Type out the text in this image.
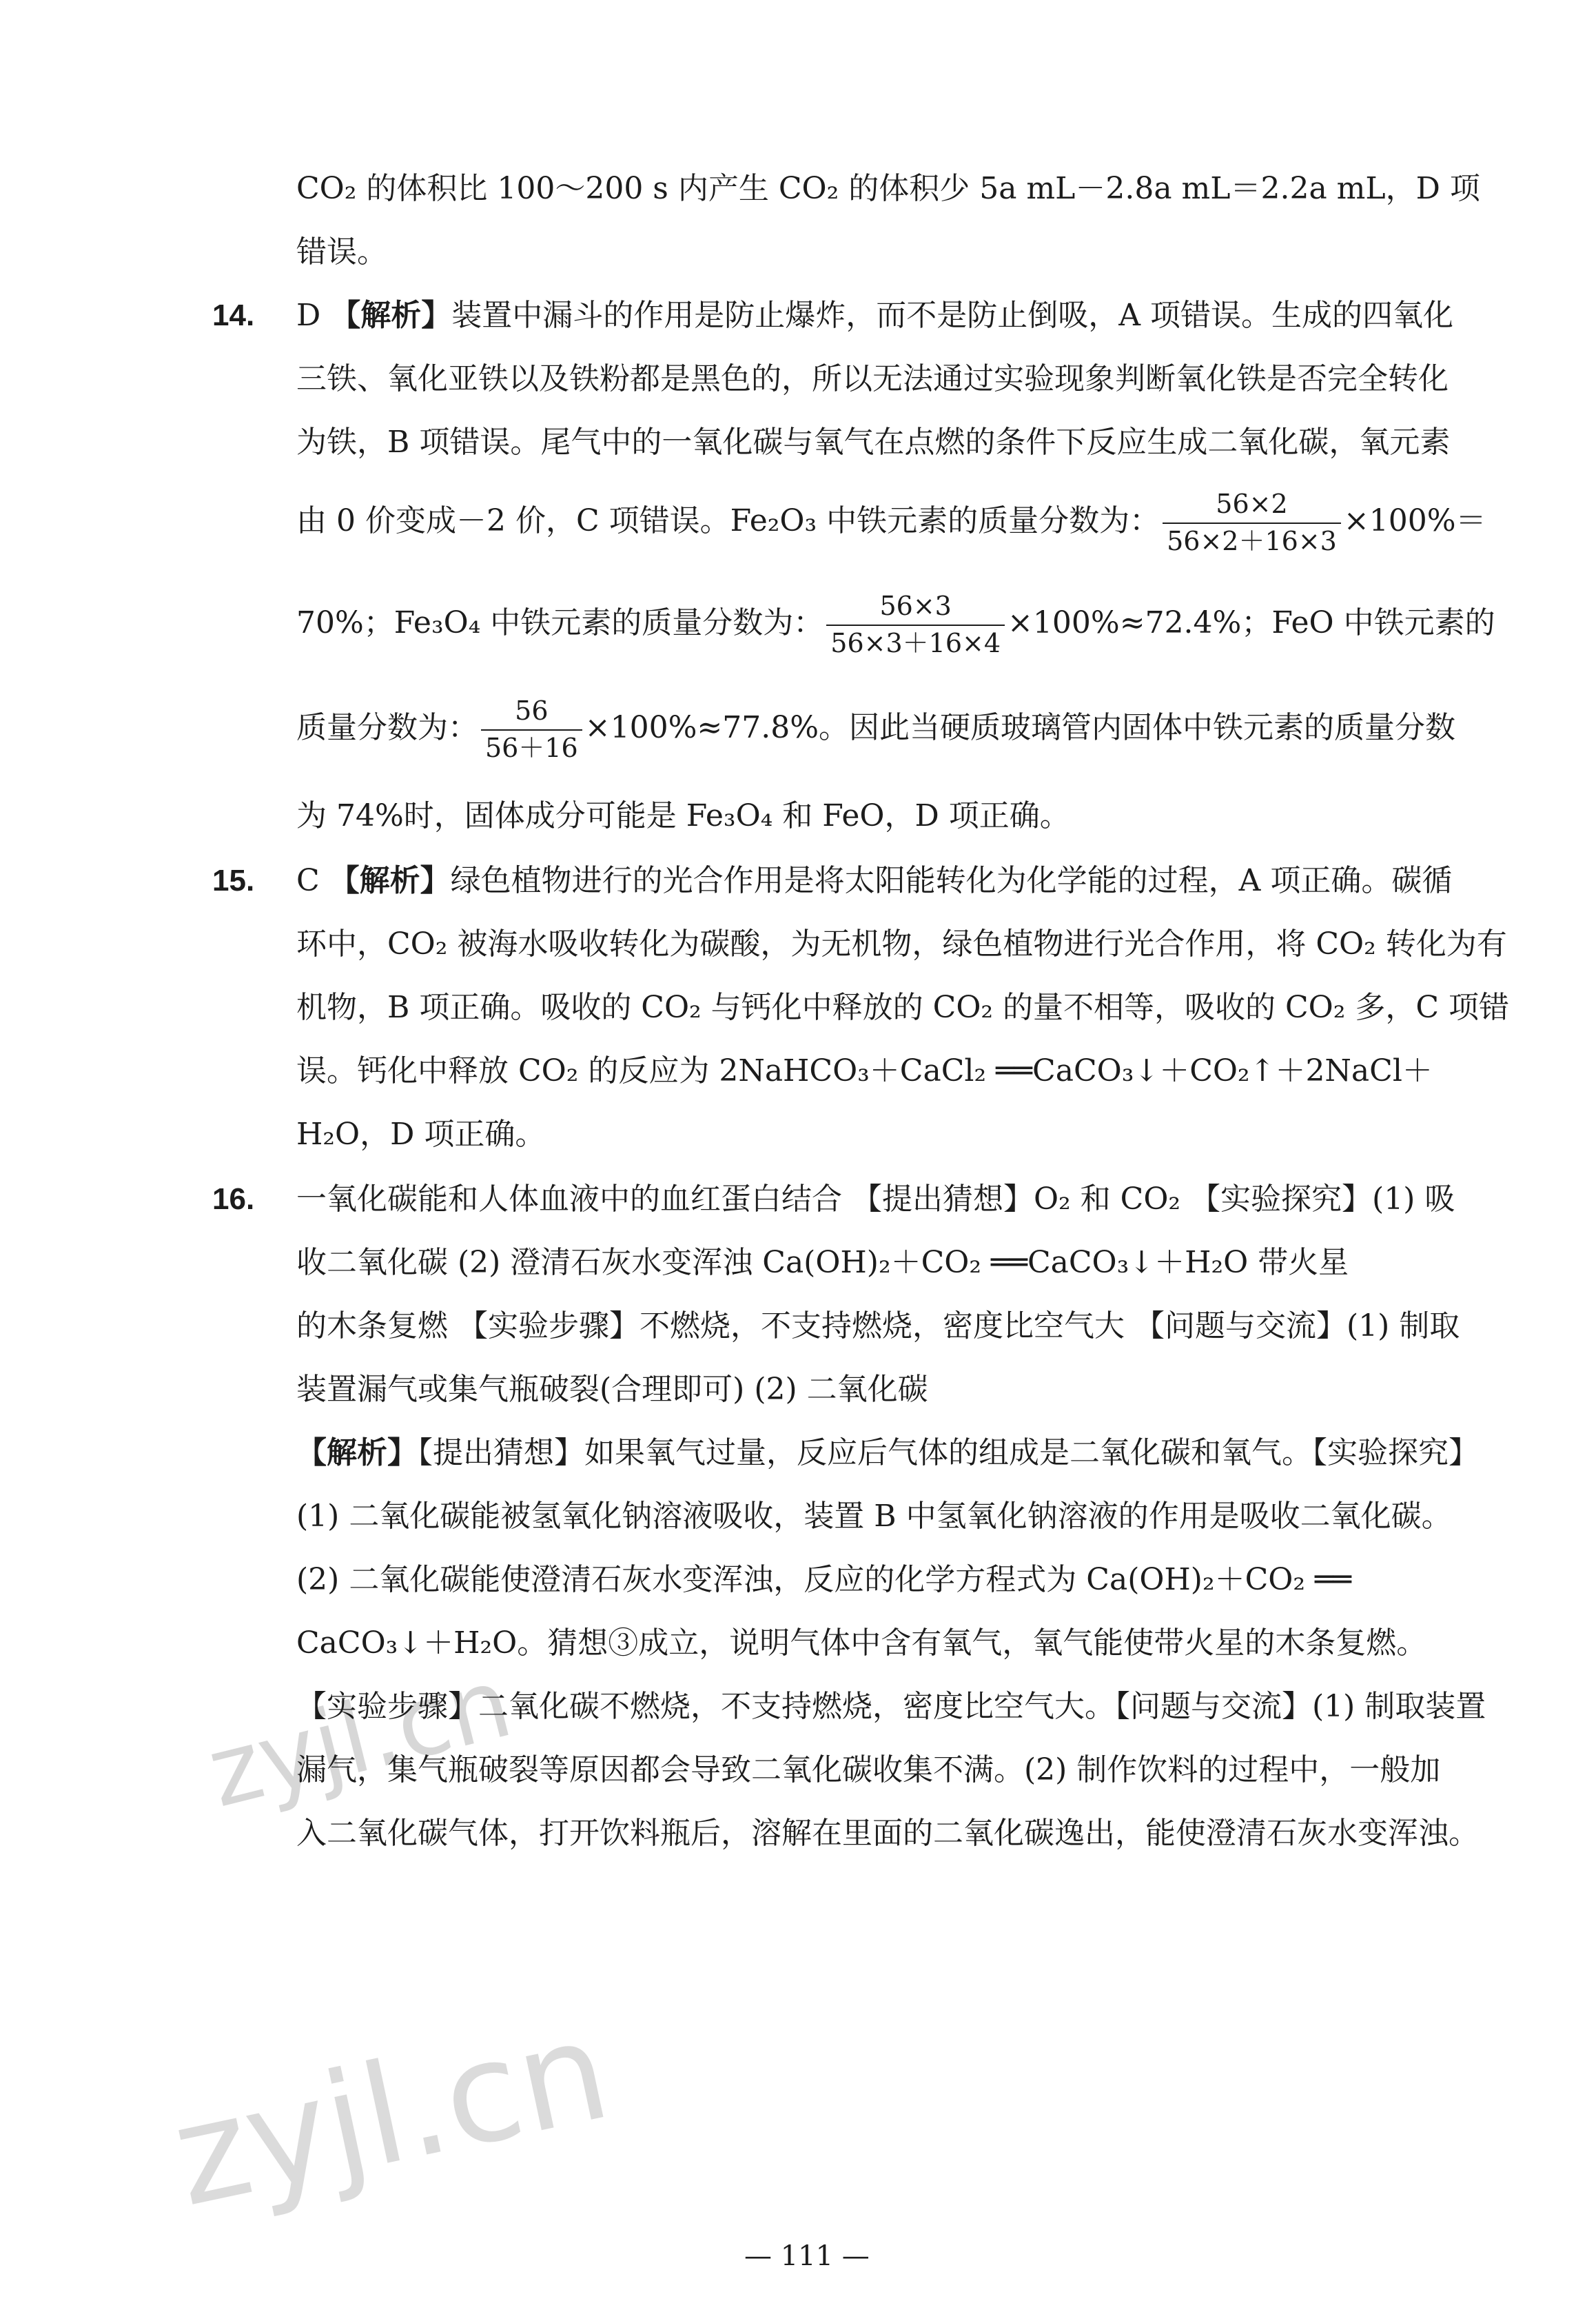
zyjl.cn
zyjl.cn
CO₂ 的体积比 100～200 s 内产生 CO₂ 的体积少 5a mL－2.8a mL＝2.2a mL，D 项
错误。
14. D 【解析】装置中漏斗的作用是防止爆炸，而不是防止倒吸，A 项错误。生成的四氧化
三铁、氧化亚铁以及铁粉都是黑色的，所以无法通过实验现象判断氧化铁是否完全转化
为铁，B 项错误。尾气中的一氧化碳与氧气在点燃的条件下反应生成二氧化碳，氧元素
由 0 价变成－2 价，C 项错误。Fe₂O₃ 中铁元素的质量分数为： $\frac{56\times 2}{56\times 2+16\times 3} \times 100\%=$
70%；Fe₃O₄ 中铁元素的质量分数为： $\frac{56\times 3}{56\times 3+16\times 4} \times 100\%\approx 72.4\%$；FeO 中铁元素的
质量分数为： $\frac{56}{56+16} \times 100\%\approx 77.8\%$。因此当硬质玻璃管内固体中铁元素的质量分数
为 74%时，固体成分可能是 Fe₃O₄ 和 FeO，D 项正确。
15. C 【解析】绿色植物进行的光合作用是将太阳能转化为化学能的过程，A 项正确。碳循
环中，CO₂ 被海水吸收转化为碳酸，为无机物，绿色植物进行光合作用，将 CO₂ 转化为有
机物，B 项正确。吸收的 CO₂ 与钙化中释放的 CO₂ 的量不相等，吸收的 CO₂ 多，C 项错
误。钙化中释放 CO₂ 的反应为 2NaHCO₃＋CaCl₂ ══CaCO₃↓＋CO₂↑＋2NaCl＋
H₂O，D 项正确。
16. 一氧化碳能和人体血液中的血红蛋白结合 【提出猜想】O₂ 和 CO₂ 【实验探究】(1) 吸
收二氧化碳 (2) 澄清石灰水变浑浊 Ca(OH)₂＋CO₂ ══CaCO₃↓＋H₂O 带火星
的木条复燃 【实验步骤】不燃烧，不支持燃烧，密度比空气大 【问题与交流】(1) 制取
装置漏气或集气瓶破裂(合理即可) (2) 二氧化碳
【解析】【提出猜想】如果氧气过量，反应后气体的组成是二氧化碳和氧气。【实验探究】
(1) 二氧化碳能被氢氧化钠溶液吸收，装置 B 中氢氧化钠溶液的作用是吸收二氧化碳。
(2) 二氧化碳能使澄清石灰水变浑浊，反应的化学方程式为 Ca(OH)₂＋CO₂ ══
CaCO₃↓＋H₂O。猜想③成立，说明气体中含有氧气，氧气能使带火星的木条复燃。
【实验步骤】二氧化碳不燃烧，不支持燃烧，密度比空气大。【问题与交流】(1) 制取装置
漏气，集气瓶破裂等原因都会导致二氧化碳收集不满。(2) 制作饮料的过程中，一般加
入二氧化碳气体，打开饮料瓶后，溶解在里面的二氧化碳逸出，能使澄清石灰水变浑浊。
— 111 —
